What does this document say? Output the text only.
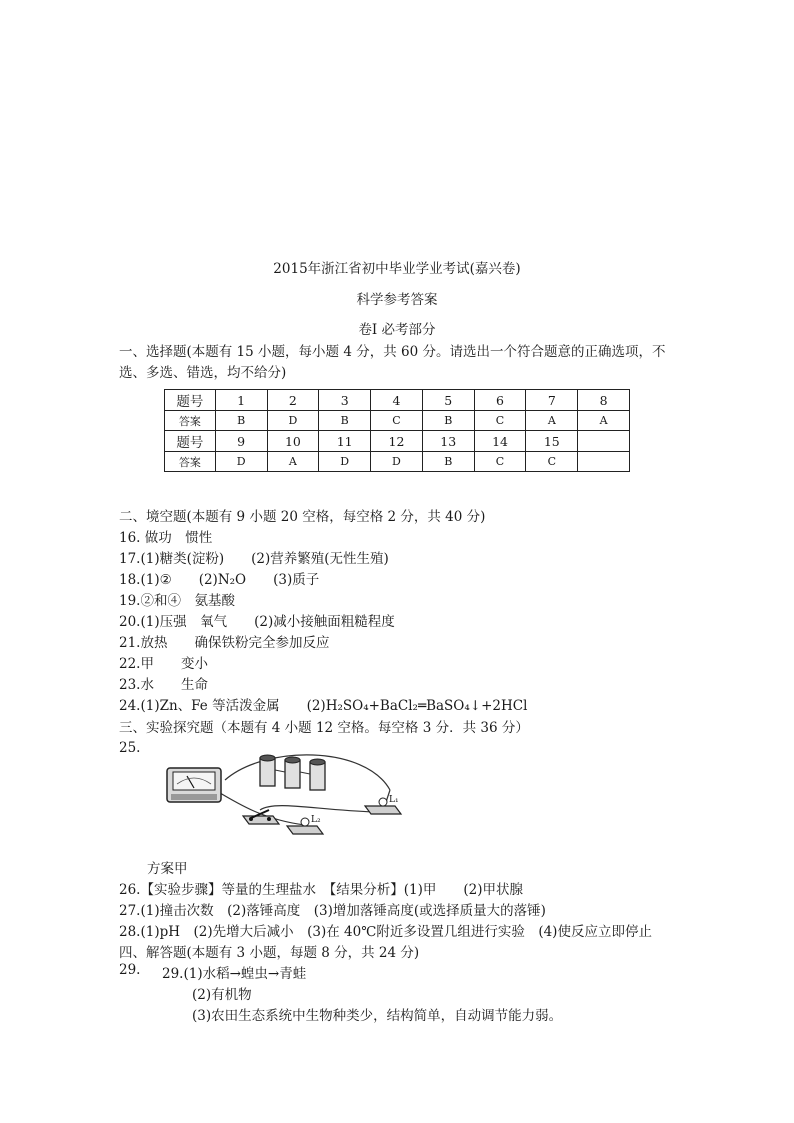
2015年浙江省初中毕业学业考试(嘉兴卷)
科学参考答案
卷Ⅰ 必考部分
一、选择题(本题有 15 小题，每小题 4 分，共 60 分。请选出一个符合题意的正确选项，不
选、多选、错选，均不给分)
题号	1	2	3	4	5	6	7	8
答案	B	D	B	C	B	C	A	A
题号	9	10	11	12	13	14	15	
答案	D	A	D	D	B	C	C	
二、境空题(本题有 9 小题 20 空格，每空格 2 分，共 40 分)
16. 做功　惯性
17.(1)糖类(淀粉)　　(2)营养繁殖(无性生殖)
18.(1)②　　(2)N₂O　　(3)质子
19.②和④　氨基酸
20.(1)压强　氧气　　(2)减小接触面粗糙程度
21.放热　　确保铁粉完全参加反应
22.甲　　变小
23.水　　生命
24.(1)Zn、Fe 等活泼金属　　(2)H₂SO₄+BaCl₂═BaSO₄↓+2HCl
三、实验探究题（本题有 4 小题 12 空格。每空格 3 分．共 36 分）
25.
L₁
L₂
方案甲
26.【实验步骤】等量的生理盐水　【结果分析】(1)甲　　(2)甲状腺
27.(1)撞击次数　(2)落锤高度　(3)增加落锤高度(或选择质量大的落锤)
28.(1)pH　(2)先增大后减小　(3)在 40℃附近多设置几组进行实验　(4)使反应立即停止
四、解答题(本题有 3 小题，每题 8 分，共 24 分)
29. 29.(1)水稻→蝗虫→青蛙
(2)有机物
(3)农田生态系统中生物种类少，结构简单，自动调节能力弱。
